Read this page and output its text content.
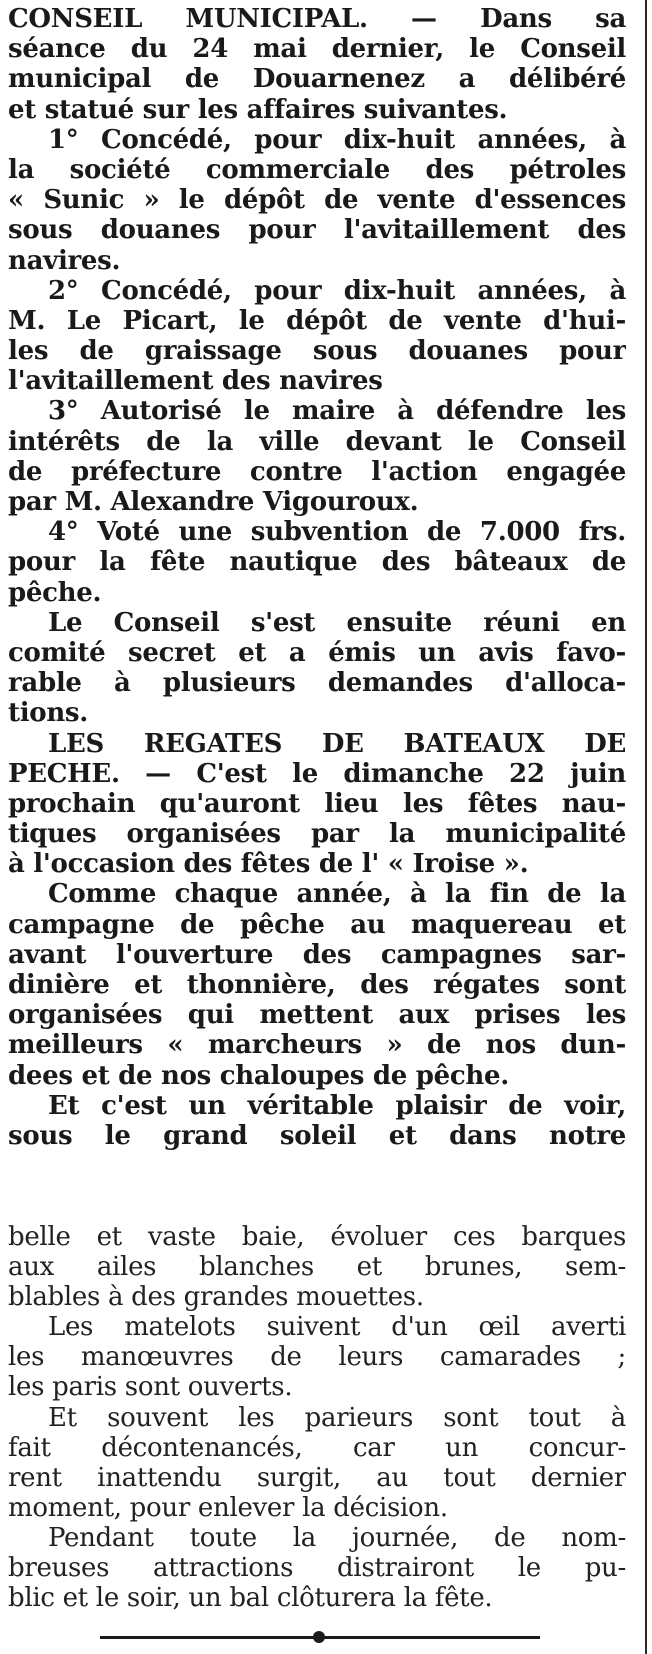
CONSEIL MUNICIPAL. — Dans sa
séance du 24 mai dernier, le Conseil
municipal de Douarnenez a délibéré
et statué sur les affaires suivantes.
1° Concédé, pour dix-huit années, à
la société commerciale des pétroles
« Sunic » le dépôt de vente d'essences
sous douanes pour l'avitaillement des
navires.
2° Concédé, pour dix-huit années, à
M. Le Picart, le dépôt de vente d'hui-
les de graissage sous douanes pour
l'avitaillement des navires
3° Autorisé le maire à défendre les
intérêts de la ville devant le Conseil
de préfecture contre l'action engagée
par M. Alexandre Vigouroux.
4° Voté une subvention de 7.000 frs.
pour la fête nautique des bâteaux de
pêche.
Le Conseil s'est ensuite réuni en
comité secret et a émis un avis favo-
rable à plusieurs demandes d'alloca-
tions.
LES REGATES DE BATEAUX DE
PECHE. — C'est le dimanche 22 juin
prochain qu'auront lieu les fêtes nau-
tiques organisées par la municipalité
à l'occasion des fêtes de l' « Iroise ».
Comme chaque année, à la fin de la
campagne de pêche au maquereau et
avant l'ouverture des campagnes sar-
dinière et thonnière, des régates sont
organisées qui mettent aux prises les
meilleurs « marcheurs » de nos dun-
dees et de nos chaloupes de pêche.
Et c'est un véritable plaisir de voir,
sous le grand soleil et dans notre
belle et vaste baie, évoluer ces barques
aux ailes blanches et brunes, sem-
blables à des grandes mouettes.
Les matelots suivent d'un œil averti
les manœuvres de leurs camarades ;
les paris sont ouverts.
Et souvent les parieurs sont tout à
fait décontenancés, car un concur-
rent inattendu surgit, au tout dernier
moment, pour enlever la décision.
Pendant toute la journée, de nom-
breuses attractions distrairont le pu-
blic et le soir, un bal clôturera la fête.
